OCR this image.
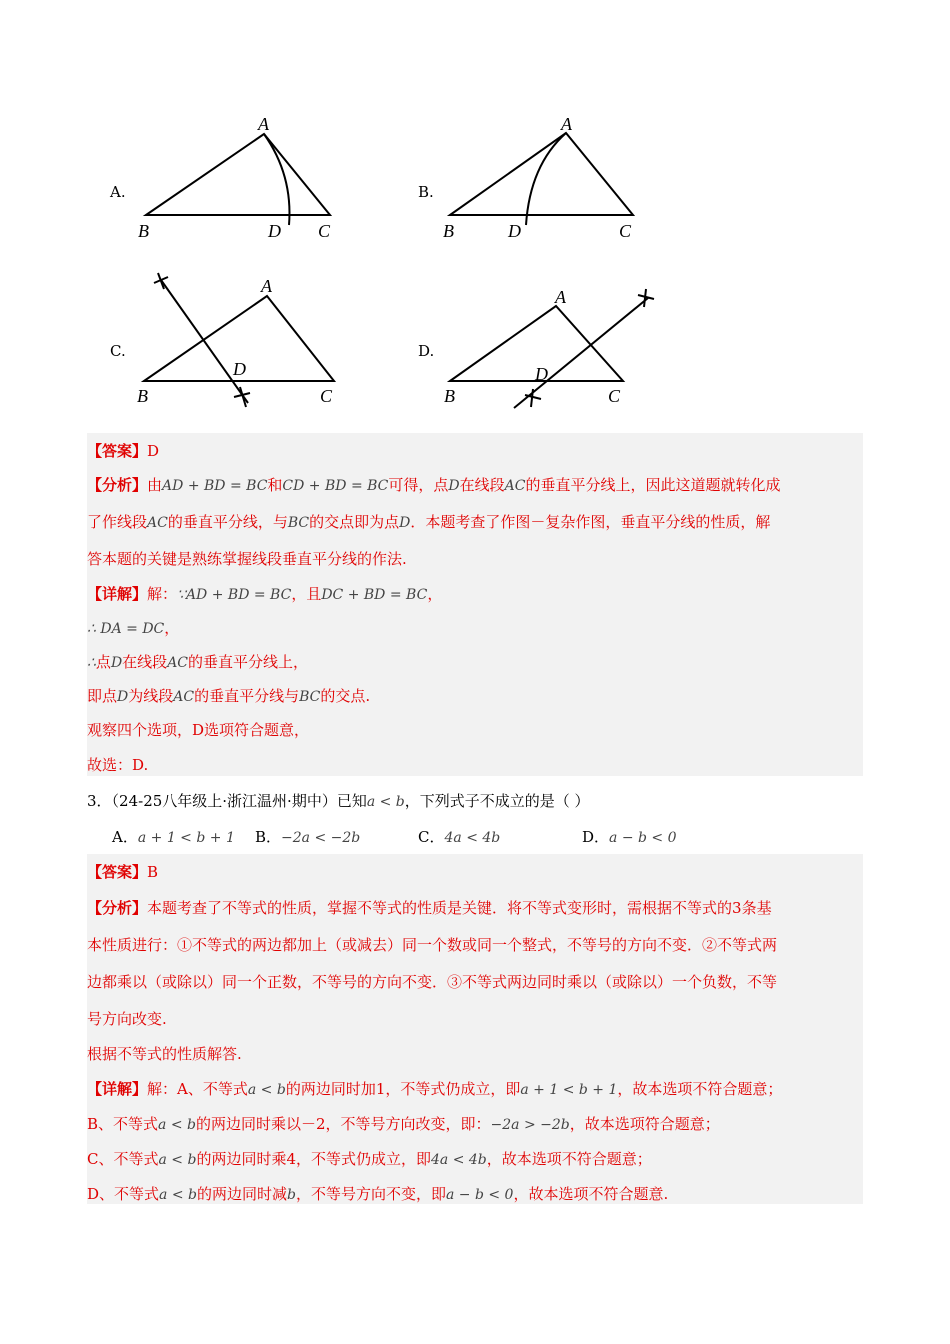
A.	B.
C.	D.
A
B	D C
A
B	D	C
A
B
D
C
A
B
D
C
【答案】D
【分析】由AD + BD = BC和CD + BD = BC可得，点D在线段AC的垂直平分线上，因此这道题就转化成
了作线段AC的垂直平分线，与BC的交点即为点D．本题考查了作图－复杂作图，垂直平分线的性质，解
答本题的关键是熟练掌握线段垂直平分线的作法.
【详解】解：∵AD + BD = BC，且DC + BD = BC，
∴ DA = DC，
∴点D在线段AC的垂直平分线上，
即点D为线段AC的垂直平分线与BC的交点.
观察四个选项，D选项符合题意，
故选：D.
3．（24-25八年级上·浙江温州·期中）已知a < b，下列式子不成立的是（ ）
A．a + 1 < b + 1 B．−2a < −2b	C．4a < 4b	D．a − b < 0
【答案】B
【分析】本题考查了不等式的性质，掌握不等式的性质是关键．将不等式变形时，需根据不等式的3条基
本性质进行：①不等式的两边都加上（或减去）同一个数或同一个整式，不等号的方向不变．②不等式两
边都乘以（或除以）同一个正数，不等号的方向不变．③不等式两边同时乘以（或除以）一个负数，不等
号方向改变.
根据不等式的性质解答.
【详解】解：A、不等式a < b的两边同时加1，不等式仍成立，即a + 1 < b + 1，故本选项不符合题意；
B、不等式a < b的两边同时乘以－2，不等号方向改变，即：−2a > −2b，故本选项符合题意；
C、不等式a < b的两边同时乘4，不等式仍成立，即4a < 4b，故本选项不符合题意；
D、不等式a < b的两边同时减b，不等号方向不变，即a − b < 0，故本选项不符合题意.
